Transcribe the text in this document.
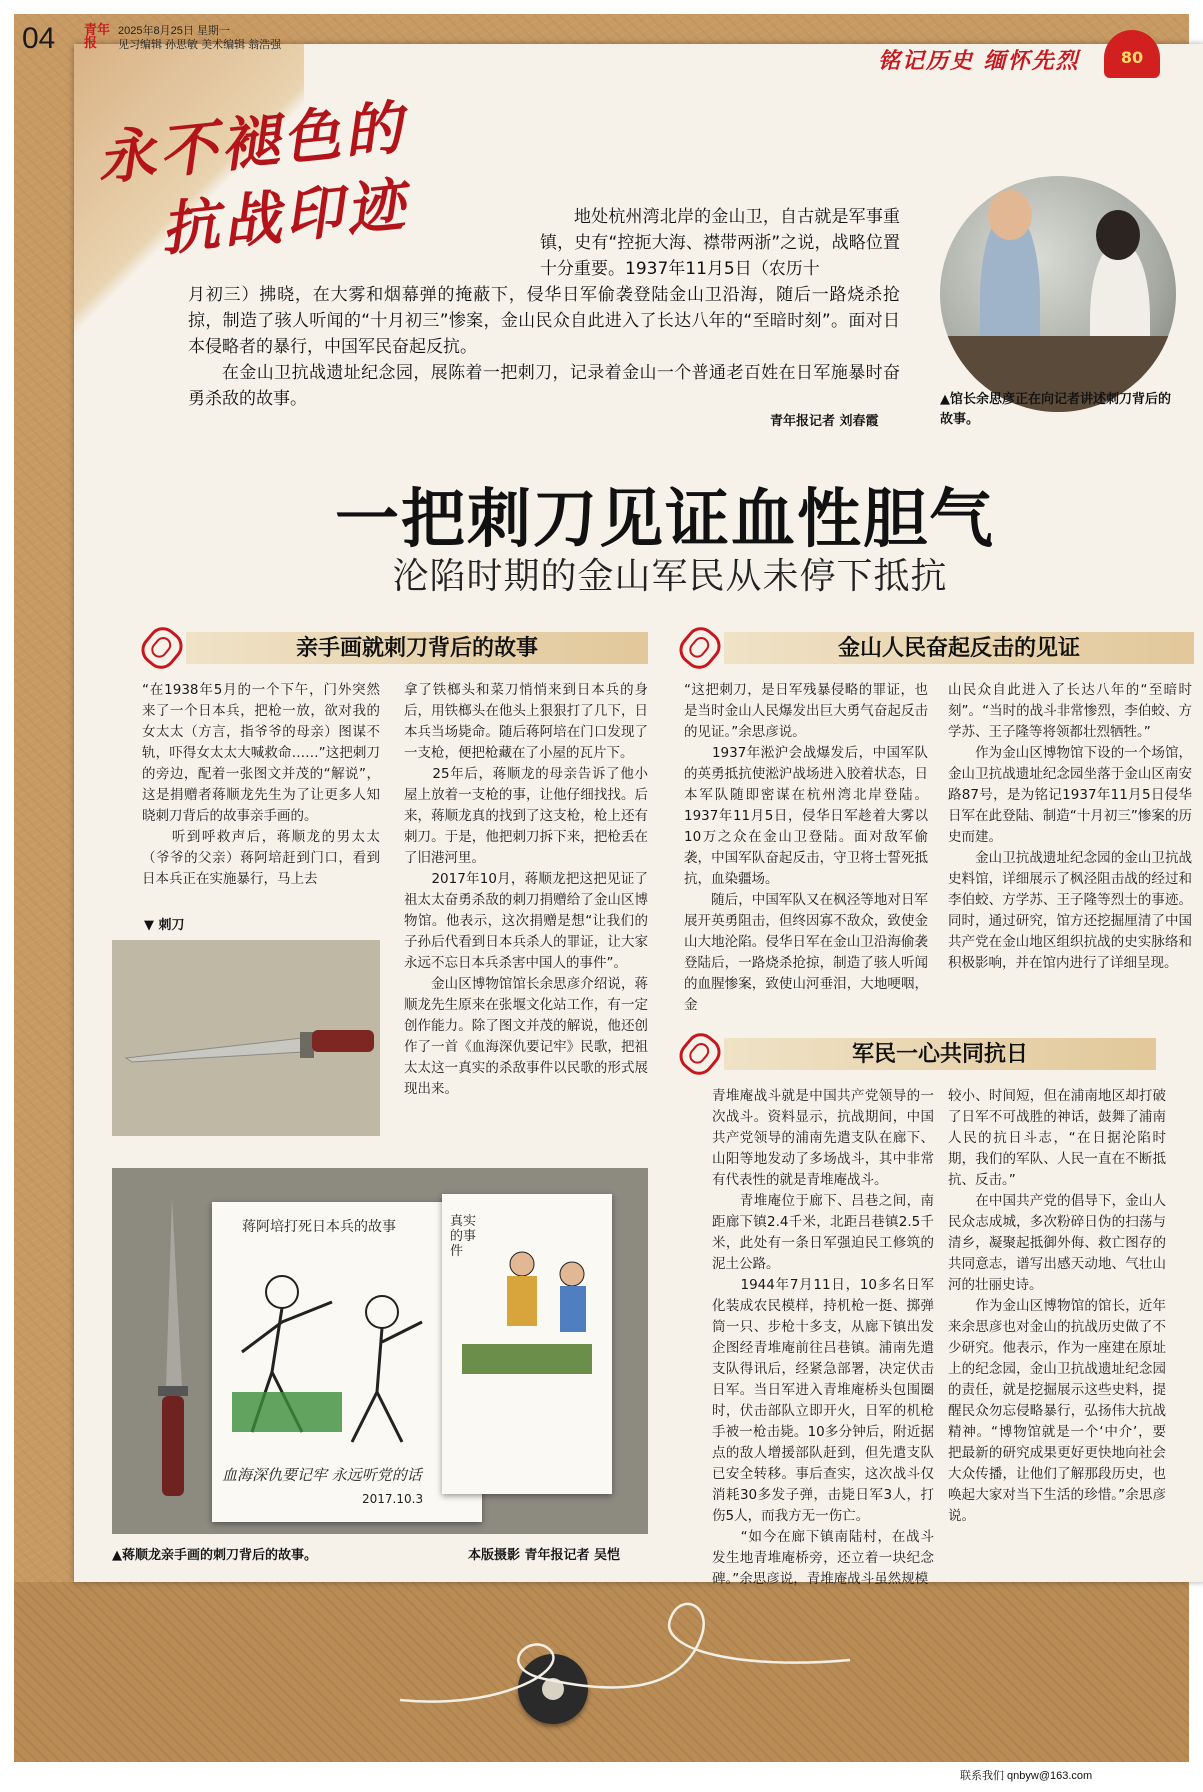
04 青年报
2025年8月25日 星期一
见习编辑 孙思敏 美术编辑 翁浩强
铭记历史 缅怀先烈	80
永不褪色的
抗战印迹	地处杭州湾北岸的金山卫，自古就是军事重镇，史有“控扼大海、襟带两浙”之说，战略位置十分重要。1937年11月5日（农历十
月初三）拂晓，在大雾和烟幕弹的掩蔽下，侵华日军偷袭登陆金山卫沿海，随后一路烧杀抢掠，制造了骇人听闻的“十月初三”惨案，金山民众自此进入了长达八年的“至暗时刻”。面对日本侵略者的暴行，中国军民奋起反抗。
在金山卫抗战遗址纪念园，展陈着一把刺刀，记录着金山一个普通老百姓在日军施暴时奋勇杀敌的故事。
青年报记者 刘春霞
▲馆长余思彦正在向记者讲述刺刀背后的故事。
一把刺刀见证血性胆气
沦陷时期的金山军民从未停下抵抗
亲手画就刺刀背后的故事
“在1938年5月的一个下午，门外突然来了一个日本兵，把枪一放，欲对我的女太太（方言，指爷爷的母亲）图谋不轨，吓得女太太大喊救命……”这把刺刀的旁边，配着一张图文并茂的“解说”，这是捐赠者蒋顺龙先生为了让更多人知晓刺刀背后的故事亲手画的。
　　听到呼救声后，蒋顺龙的男太太（爷爷的父亲）蒋阿培赶到门口，看到日本兵正在实施暴行，马上去
拿了铁榔头和菜刀悄悄来到日本兵的身后，用铁榔头在他头上狠狠打了几下，日本兵当场毙命。随后蒋阿培在门口发现了一支枪，便把枪藏在了小屋的瓦片下。
　　25年后，蒋顺龙的母亲告诉了他小屋上放着一支枪的事，让他仔细找找。后来，蒋顺龙真的找到了这支枪，枪上还有刺刀。于是，他把刺刀拆下来，把枪丢在了旧港河里。
　　2017年10月，蒋顺龙把这把见证了祖太太奋勇杀敌的刺刀捐赠给了金山区博物馆。他表示，这次捐赠是想“让我们的子孙后代看到日本兵杀人的罪证，让大家永远不忘日本兵杀害中国人的事件”。
　　金山区博物馆馆长余思彦介绍说，蒋顺龙先生原来在张堰文化站工作，有一定创作能力。除了图文并茂的解说，他还创作了一首《血海深仇要记牢》民歌，把祖太太这一真实的杀敌事件以民歌的形式展现出来。
▼ 刺刀
蒋阿培打死日本兵的故事
血海深仇要记牢 永远听党的话
2017.10.3
真实的事件
▲蒋顺龙亲手画的刺刀背后的故事。	本版摄影 青年报记者 吴恺
金山人民奋起反击的见证
“这把刺刀，是日军残暴侵略的罪证，也是当时金山人民爆发出巨大勇气奋起反击的见证。”余思彦说。
　　1937年淞沪会战爆发后，中国军队的英勇抵抗使淞沪战场进入胶着状态，日本军队随即密谋在杭州湾北岸登陆。1937年11月5日，侵华日军趁着大雾以10万之众在金山卫登陆。面对敌军偷袭，中国军队奋起反击，守卫将士誓死抵抗，血染疆场。
　　随后，中国军队又在枫泾等地对日军展开英勇阻击，但终因寡不敌众，致使金山大地沦陷。侵华日军在金山卫沿海偷袭登陆后，一路烧杀抢掠，制造了骇人听闻的血腥惨案，致使山河垂泪，大地哽咽，金
山民众自此进入了长达八年的“至暗时刻”。“当时的战斗非常惨烈，李伯蛟、方学苏、王子隆等将领都壮烈牺牲。”
　　作为金山区博物馆下设的一个场馆，金山卫抗战遗址纪念园坐落于金山区南安路87号，是为铭记1937年11月5日侵华日军在此登陆、制造“十月初三”惨案的历史而建。
　　金山卫抗战遗址纪念园的金山卫抗战史料馆，详细展示了枫泾阻击战的经过和李伯蛟、方学苏、王子隆等烈士的事迹。同时，通过研究，馆方还挖掘厘清了中国共产党在金山地区组织抗战的史实脉络和积极影响，并在馆内进行了详细呈现。
军民一心共同抗日
青堆庵战斗就是中国共产党领导的一次战斗。资料显示，抗战期间，中国共产党领导的浦南先遣支队在廊下、山阳等地发动了多场战斗，其中非常有代表性的就是青堆庵战斗。
　　青堆庵位于廊下、吕巷之间，南距廊下镇2.4千米，北距吕巷镇2.5千米，此处有一条日军强迫民工修筑的泥土公路。
　　1944年7月11日，10多名日军化装成农民模样，持机枪一挺、掷弹筒一只、步枪十多支，从廊下镇出发企图经青堆庵前往吕巷镇。浦南先遣支队得讯后，经紧急部署，决定伏击日军。当日军进入青堆庵桥头包围圈时，伏击部队立即开火，日军的机枪手被一枪击毙。10多分钟后，附近据点的敌人增援部队赶到，但先遣支队已安全转移。事后查实，这次战斗仅消耗30多发子弹，击毙日军3人，打伤5人，而我方无一伤亡。
　　“如今在廊下镇南陆村，在战斗发生地青堆庵桥旁，还立着一块纪念碑。”余思彦说，青堆庵战斗虽然规模
较小、时间短，但在浦南地区却打破了日军不可战胜的神话，鼓舞了浦南人民的抗日斗志，“在日据沦陷时期，我们的军队、人民一直在不断抵抗、反击。”
　　在中国共产党的倡导下，金山人民众志成城，多次粉碎日伪的扫荡与清乡，凝聚起抵御外侮、救亡图存的共同意志，谱写出感天动地、气壮山河的壮丽史诗。
　　作为金山区博物馆的馆长，近年来余思彦也对金山的抗战历史做了不少研究。他表示，作为一座建在原址上的纪念园，金山卫抗战遗址纪念园的责任，就是挖掘展示这些史料，提醒民众勿忘侵略暴行，弘扬伟大抗战精神。“博物馆就是一个‘中介’，要把最新的研究成果更好更快地向社会大众传播，让他们了解那段历史，也唤起大家对当下生活的珍惜。”余思彦说。
联系我们 qnbyw@163.com
